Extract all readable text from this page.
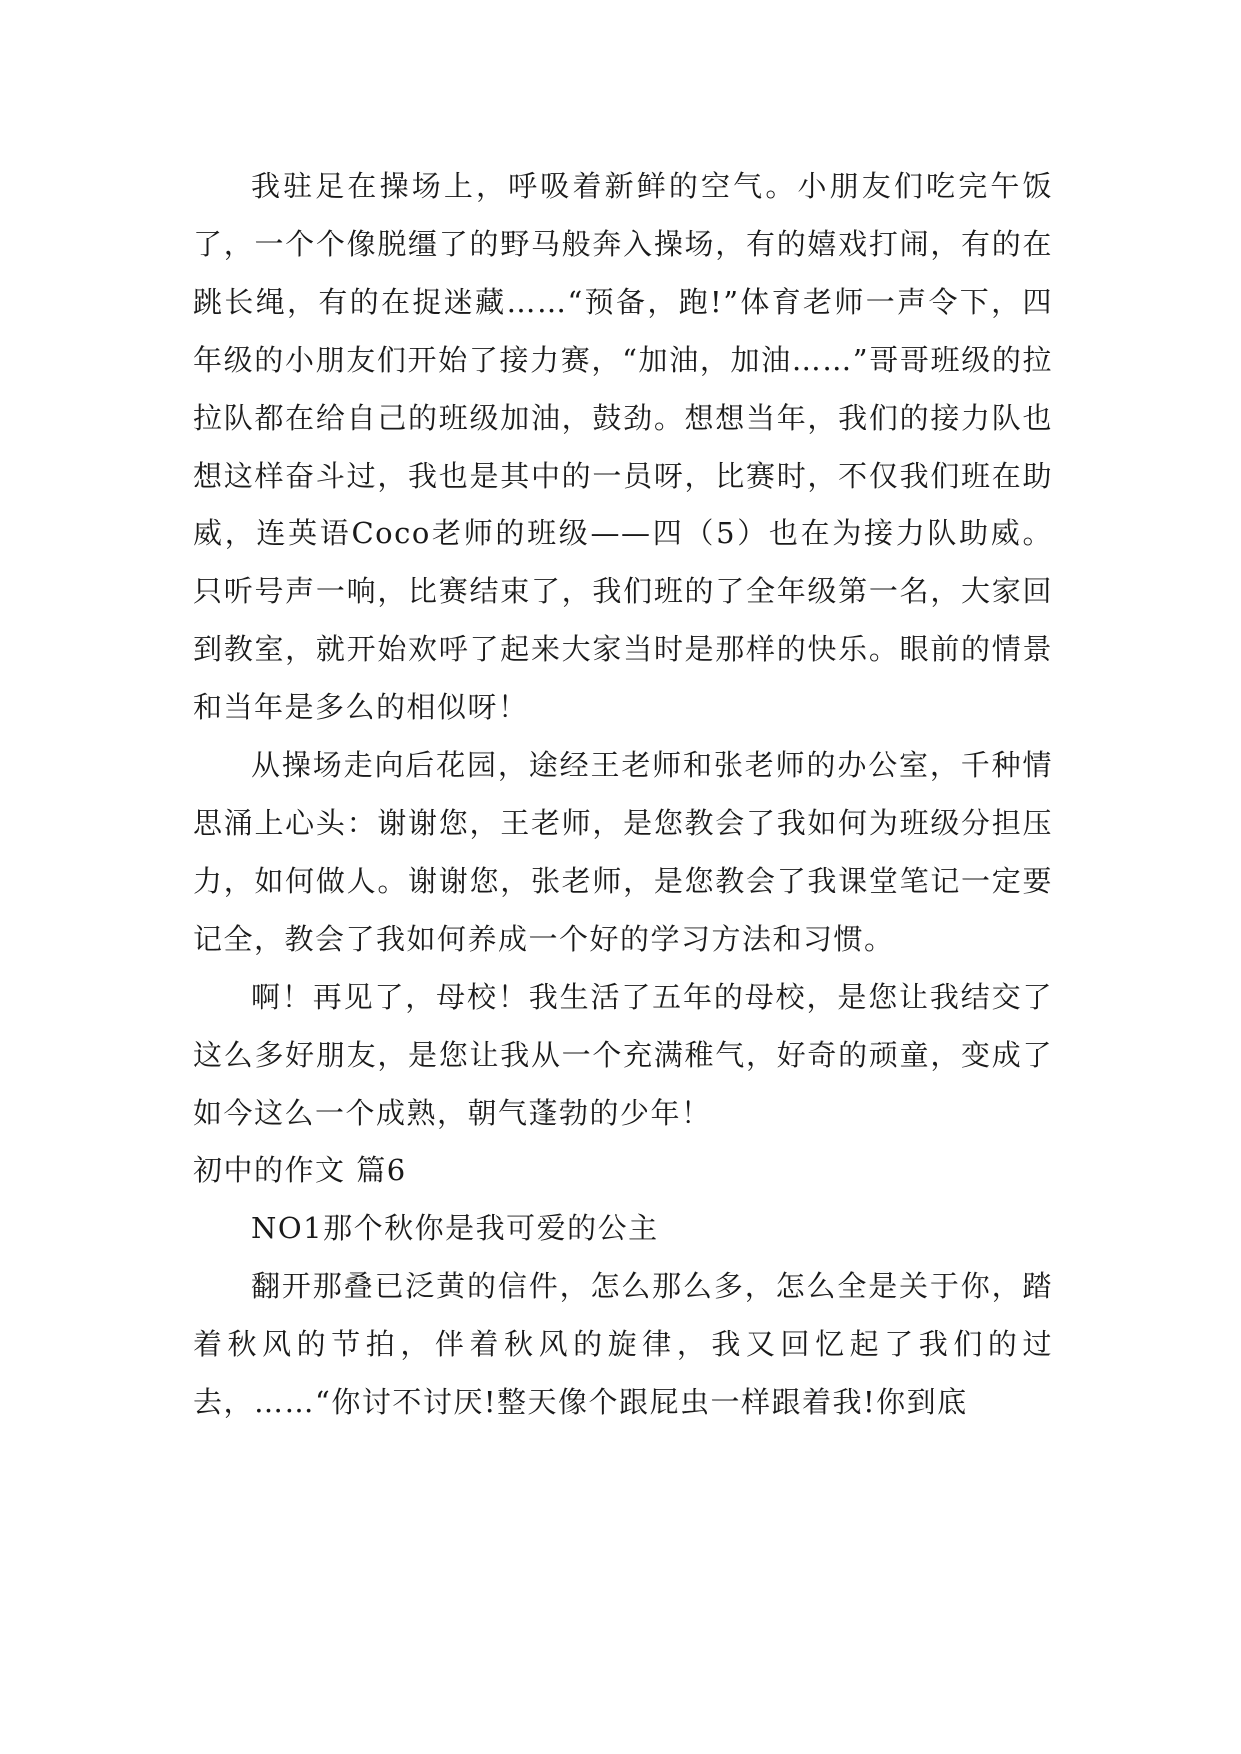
我驻足在操场上，呼吸着新鲜的空气。小朋友们吃完午饭了，一个个像脱缰了的野马般奔入操场，有的嬉戏打闹，有的在跳长绳，有的在捉迷藏……“预备，跑!”体育老师一声令下，四年级的小朋友们开始了接力赛，“加油，加油……”哥哥班级的拉拉队都在给自己的班级加油，鼓劲。想想当年，我们的接力队也想这样奋斗过，我也是其中的一员呀，比赛时，不仅我们班在助威，连英语Coco老师的班级——四（5）也在为接力队助威。只听号声一响，比赛结束了，我们班的了全年级第一名，大家回到教室，就开始欢呼了起来大家当时是那样的快乐。眼前的情景和当年是多么的相似呀！

从操场走向后花园，途经王老师和张老师的办公室，千种情思涌上心头：谢谢您，王老师，是您教会了我如何为班级分担压力，如何做人。谢谢您，张老师，是您教会了我课堂笔记一定要记全，教会了我如何养成一个好的学习方法和习惯。

啊！再见了，母校！我生活了五年的母校，是您让我结交了这么多好朋友，是您让我从一个充满稚气，好奇的顽童，变成了如今这么一个成熟，朝气蓬勃的少年！

初中的作文 篇6

NO1那个秋你是我可爱的公主

翻开那叠已泛黄的信件，怎么那么多，怎么全是关于你，踏着秋风的节拍，伴着秋风的旋律，我又回忆起了我们的过去，……“你讨不讨厌!整天像个跟屁虫一样跟着我!你到底
